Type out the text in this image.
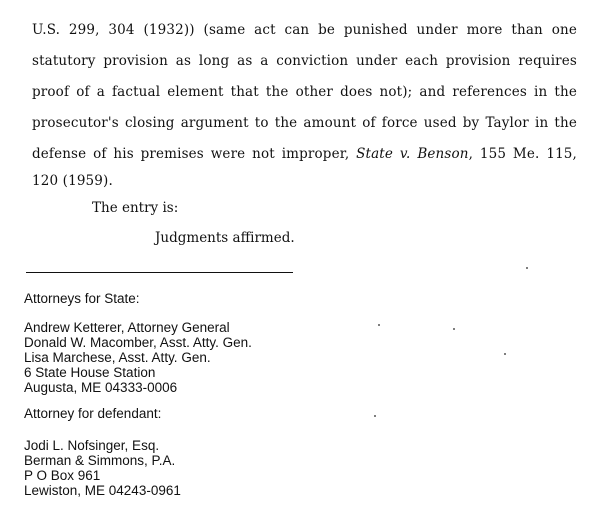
U.S. 299, 304 (1932)) (same act can be punished under more than one
statutory provision as long as a conviction under each provision requires
proof of a factual element that the other does not); and references in the
prosecutor's closing argument to the amount of force used by Taylor in the
defense of his premises were not improper, State v. Benson, 155 Me. 115,
120 (1959).
The entry is:
Judgments affirmed.
Attorneys for State:
Andrew Ketterer, Attorney General
Donald W. Macomber, Asst. Atty. Gen.
Lisa Marchese, Asst. Atty. Gen.
6 State House Station
Augusta, ME 04333-0006
Attorney for defendant:
Jodi L. Nofsinger, Esq.
Berman & Simmons, P.A.
P O Box 961
Lewiston, ME 04243-0961
